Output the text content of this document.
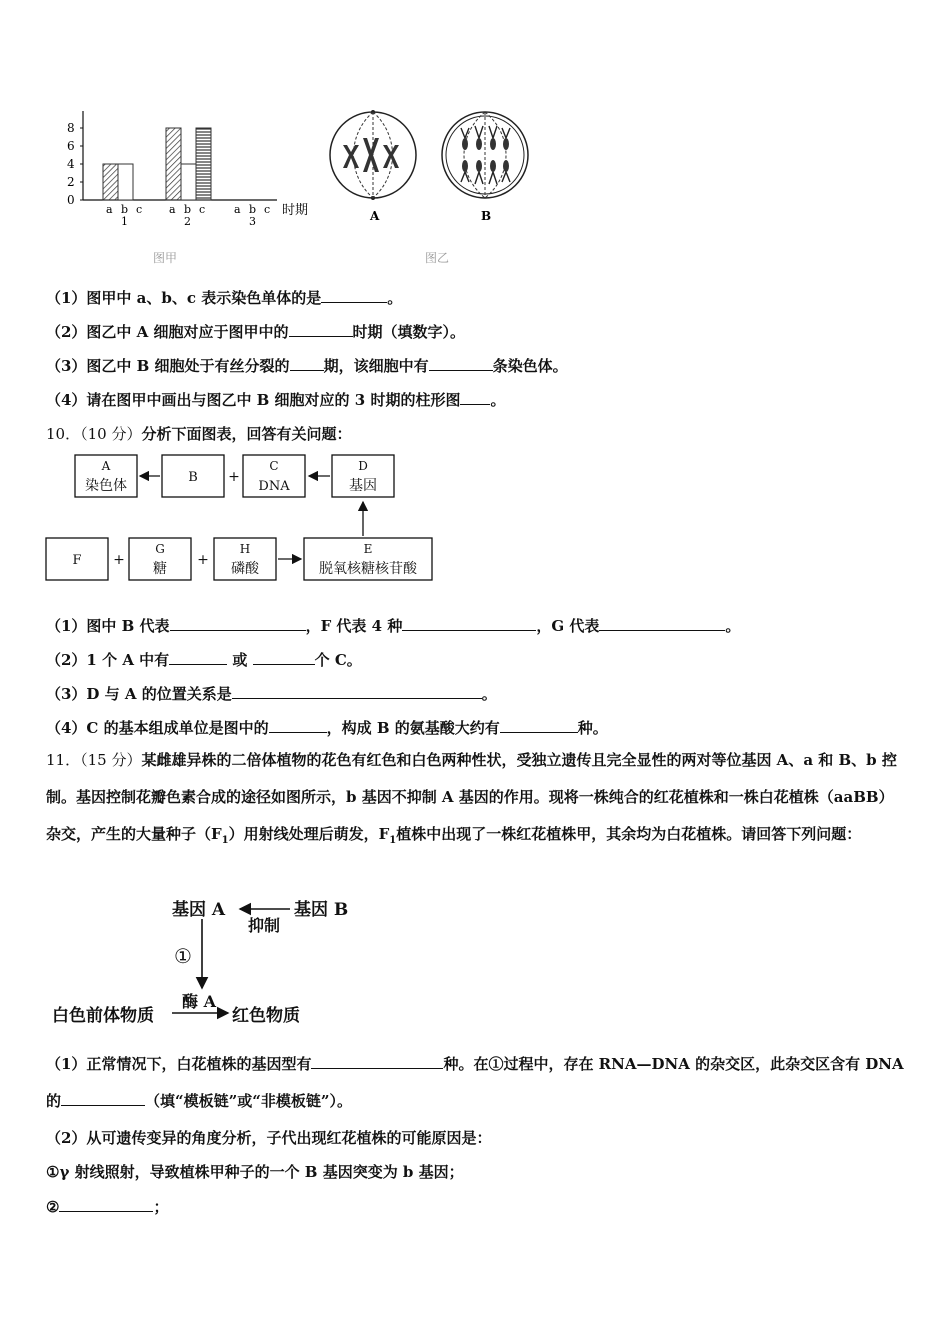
0
2
4
6
8
a b c
1
a b c
2
a b c
3
时期
图甲
A	B
图乙
（1）图甲中 a、b、c 表示染色单体的是	。
（2）图乙中 A 细胞对应于图甲中的	时期（填数字）。
（3）图乙中 B 细胞处于有丝分裂的 期，该细胞中有	条染色体。
（4）请在图甲中画出与图乙中 B 细胞对应的 3 时期的柱形图 。
10．（10 分）分析下面图表，回答有关问题：
A
染色体
B +
C
DNA
D
基因
F +
G
糖
+
H
磷酸
E
脱氧核糖核苷酸
（1）图中 B 代表	，F 代表 4 种	，G 代表	。
（2）1 个 A 中有	或	个 C。
（3）D 与 A 的位置关系是	。
（4）C 的基本组成单位是图中的	，构成 B 的氨基酸大约有	种。
11．（15 分）某雌雄异株的二倍体植物的花色有红色和白色两种性状，受独立遗传且完全显性的两对等位基因 A、a 和 B、b 控制。基因控制花瓣色素合成的途径如图所示，b 基因不抑制 A 基因的作用。现将一株纯合的红花植株和一株白花植株（aaBB）杂交，产生的大量种子$(F_1)$用射线处理后萌发，$F_1$植株中出现了一株红花植株甲，其余均为白花植株。请回答下列问题：
基因 A	基因 B
抑制
①
酶 A
白色前体物质	红色物质
（1）正常情况下，白花植株的基因型有	种。在①过程中，存在 RNA—DNA 的杂交区，此杂交区含有 DNA 的	（填“模板链”或“非模板链”）。
（2）从可遗传变异的角度分析，子代出现红花植株的可能原因是：
①γ 射线照射，导致植株甲种子的一个 B 基因突变为 b 基因；
②	；
